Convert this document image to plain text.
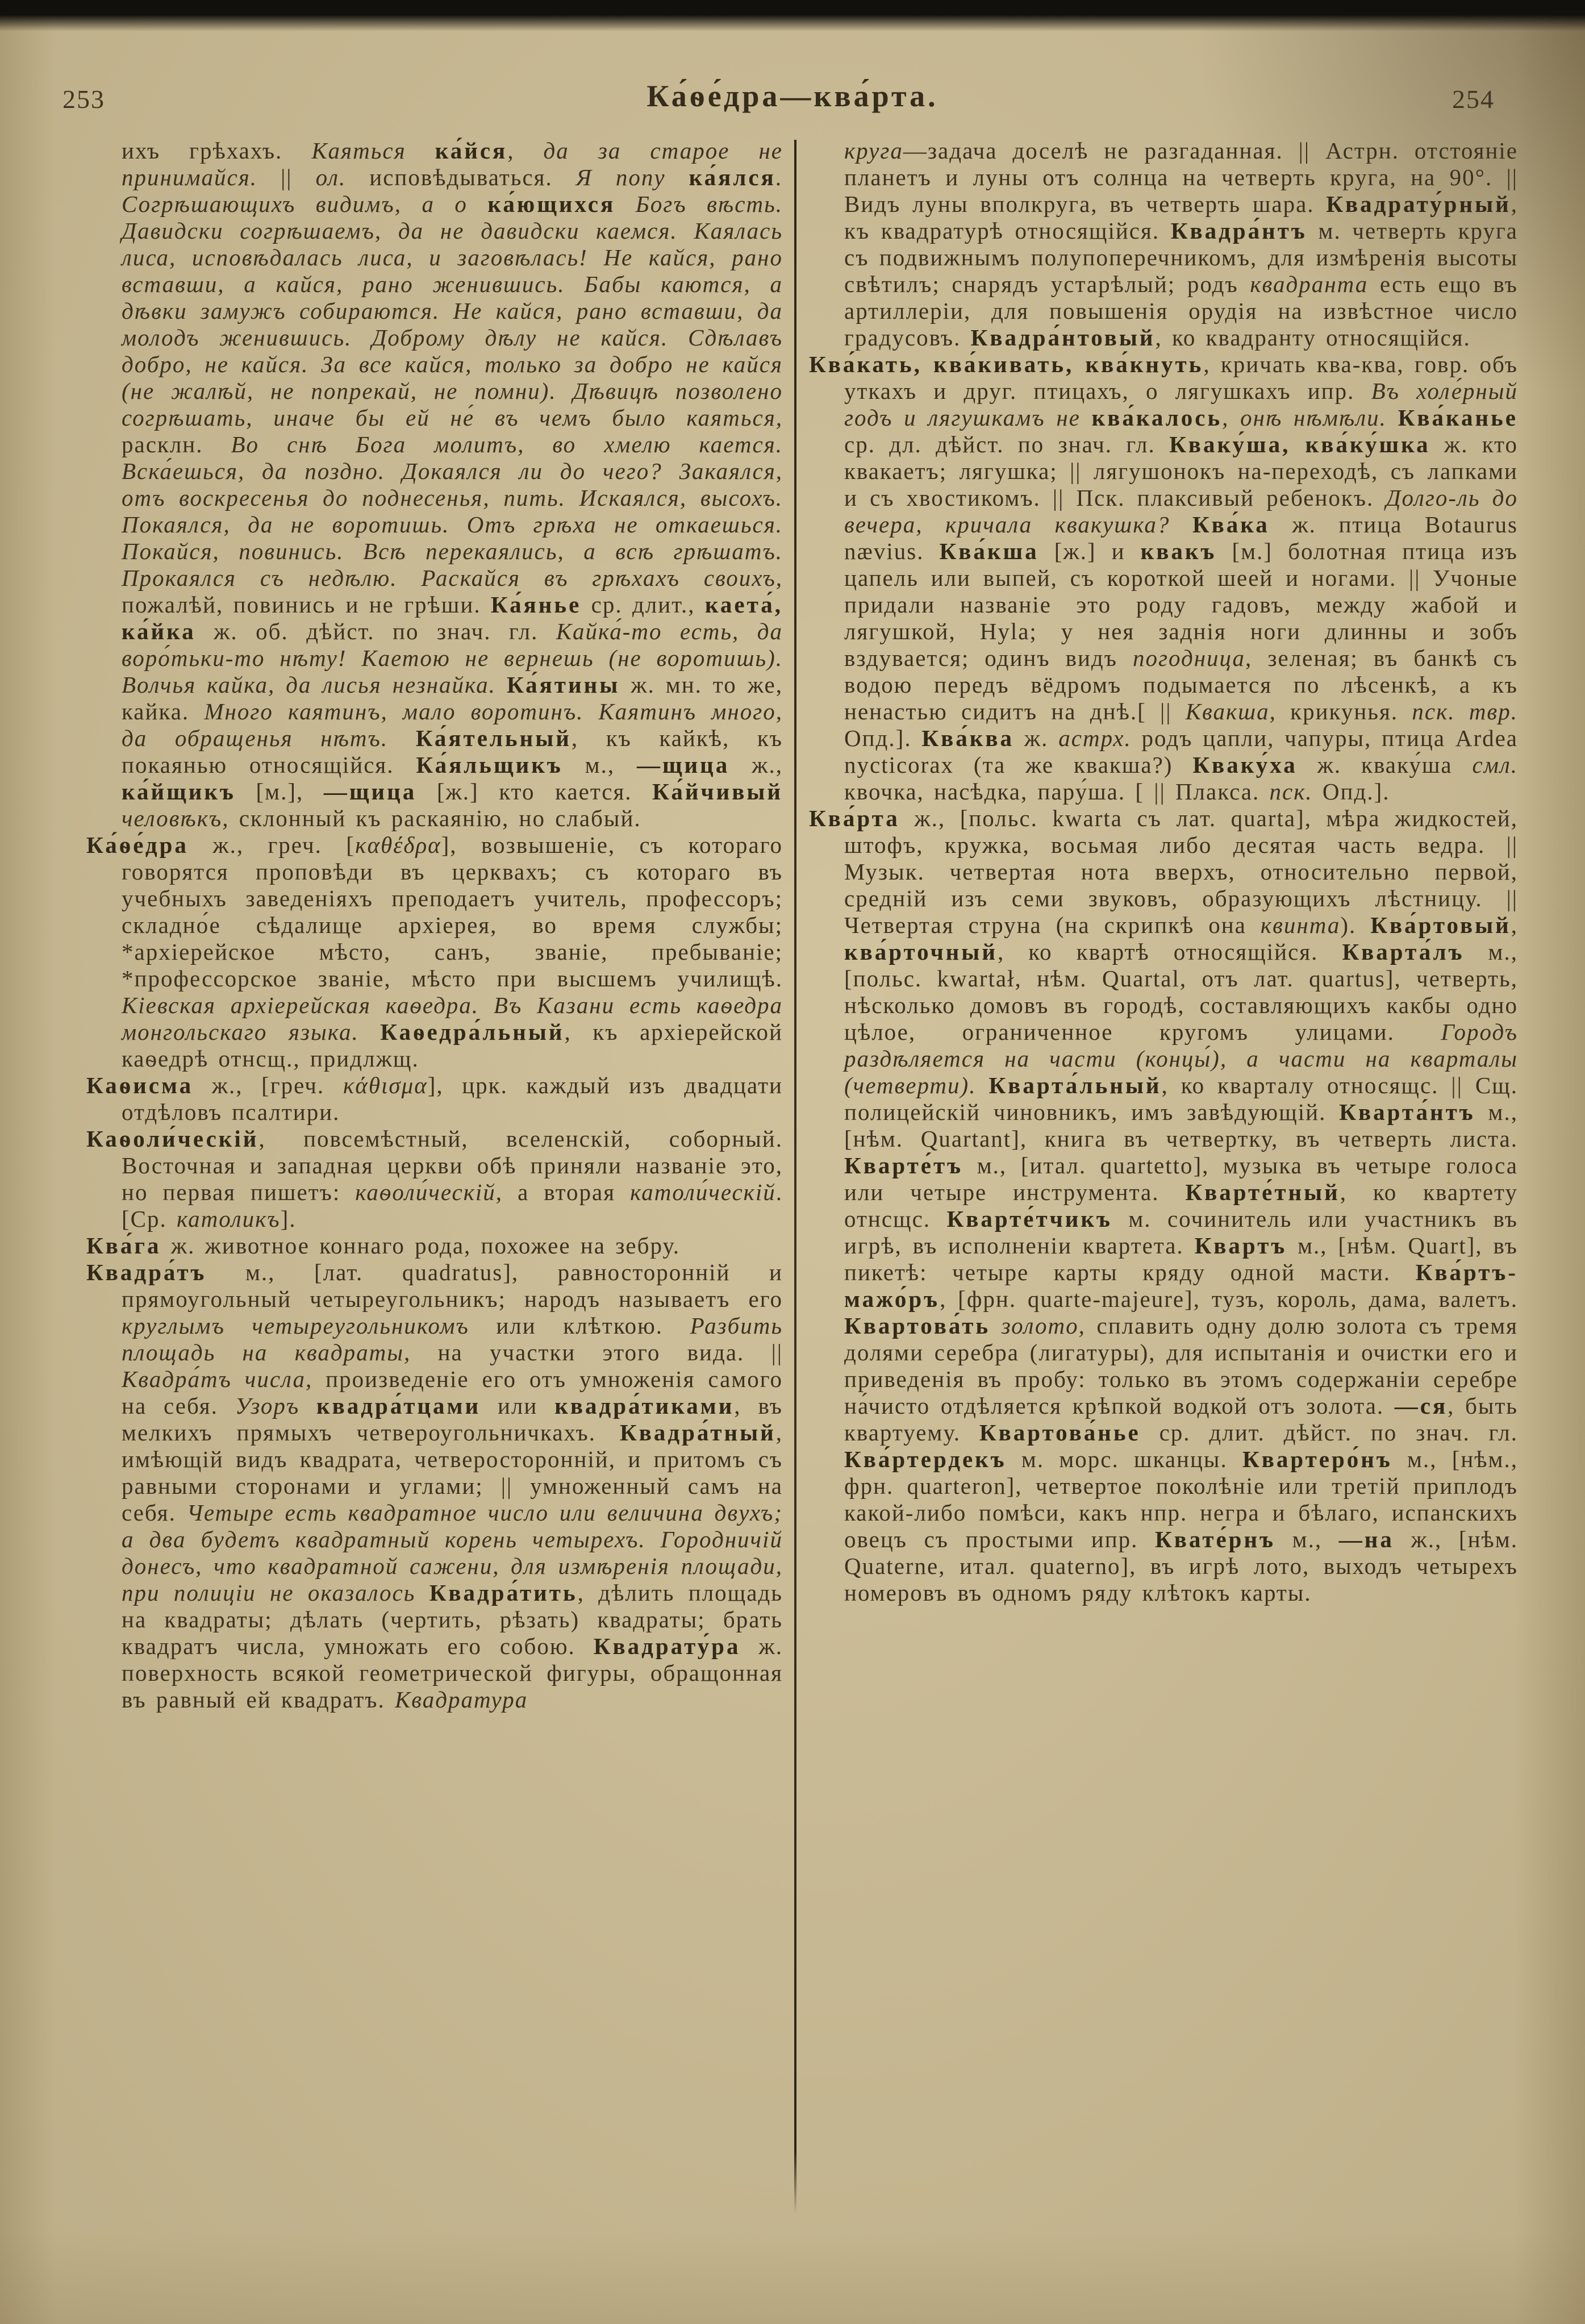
253	Ка́ѳе́дра—ква́рта.	254

ихъ грѣхахъ. Каяться ка́йся, да за старое не принимайся. || ол. исповѣдываться. Я попу ка́ялся. Согрѣшающихъ видимъ, а о ка́ющихся Богъ вѣсть. Давидски согрѣшаемъ, да не давидски каемся. Каялась лиса, исповѣдалась лиса, и заговѣлась! Не кайся, рано вставши, а кайся, рано женившись. Бабы каются, а дѣвки замужъ собираются. Не кайся, рано вставши, да молодъ женившись. Доброму дѣлу не кайся. Сдѣлавъ добро, не кайся. За все кайся, только за добро не кайся (не жалѣй, не попрекай, не помни). Дѣвицѣ позволено согрѣшать, иначе бы ей не́ въ чемъ было каяться, расклн. Во снѣ Бога молитъ, во хмелю кается. Вска́ешься, да поздно. Докаялся ли до чего? Закаялся, отъ воскресенья до поднесенья, пить. Искаялся, высохъ. Покаялся, да не воротишь. Отъ грѣха не откаешься. Покайся, повинись. Всѣ перекаялись, а всѣ грѣшатъ. Прокаялся съ недѣлю. Раскайся въ грѣхахъ своихъ, пожалѣй, повинись и не грѣши. Ка́янье ср. длит., каета́, ка́йка ж. об. дѣйст. по знач. гл. Кайка́-то есть, да воро́тьки-то нѣту! Каетою не вернешь (не воротишь). Волчья кайка, да лисья незнайка. Ка́ятины ж. мн. то же, кайка. Много каятинъ, мало воротинъ. Каятинъ много, да обращенья нѣтъ. Ка́ятельный, къ кайкѣ, къ покаянью относящійся. Ка́яльщикъ м., —щица ж., ка́йщикъ [м.], —щица [ж.] кто кается. Ка́йчивый человѣкъ, склонный къ раскаянію, но слабый.

Ка́ѳе́дра ж., греч. [καθέδρα], возвышеніе, съ котораго говорятся проповѣди въ церквахъ; съ котораго въ учебныхъ заведеніяхъ преподаетъ учитель, профессоръ; складно́е сѣдалище архіерея, во время службы; *архіерейское мѣсто, санъ, званіе, пребываніе; *профессорское званіе, мѣсто при высшемъ училищѣ. Кіевская архіерейская каѳедра. Въ Казани есть каѳедра монгольскаго языка. Каѳедра́льный, къ архіерейской каѳедрѣ отнсщ., придлжщ.

Каѳисма ж., [греч. κάθισμα], црк. каждый изъ двадцати отдѣловъ псалтири.

Каѳоли́ческій, повсемѣстный, вселенскій, соборный. Восточная и западная церкви обѣ приняли названіе это, но первая пишетъ: каѳоли́ческій, а вторая католи́ческій. [Ср. католикъ].

Ква́га ж. животное коннаго рода, похожее на зебру.

Квадра́тъ м., [лат. quadratus], равносторонній и прямоугольный четыреугольникъ; народъ называетъ его круглымъ четыреугольникомъ или клѣткою. Разбить площадь на квадраты, на участки этого вида. || Квадра́тъ числа, произведеніе его отъ умноженія самого на себя. Узоръ квадра́тцами или квадра́тиками, въ мелкихъ прямыхъ четвероугольничкахъ. Квадра́тный, имѣющій видъ квадрата, четверосторонній, и притомъ съ равными сторонами и углами; || умноженный самъ на себя. Четыре есть квадратное число или величина двухъ; а два будетъ квадратный корень четырехъ. Городничій донесъ, что квадратной сажени, для измѣренія площади, при полиціи не оказалось Квадра́тить, дѣлить площадь на квадраты; дѣлать (чертить, рѣзать) квадраты; брать квадратъ числа, умножать его собою. Квадрату́ра ж. поверхность всякой геометрической фигуры, обращонная въ равный ей квадратъ. Квадратура

круга—задача доселѣ не разгаданная. || Астрн. отстояніе планетъ и луны отъ солнца на четверть круга, на 90°. || Видъ луны вполкруга, въ четверть шара. Квадрату́рный, къ квадратурѣ относящійся. Квадра́нтъ м. четверть круга съ подвижнымъ полупоперечникомъ, для измѣренія высоты свѣтилъ; снарядъ устарѣлый; родъ квадранта есть ещо въ артиллеріи, для повышенія орудія на извѣстное число градусовъ. Квадра́нтовый, ко квадранту относящійся.

Ква́кать, ква́кивать, ква́кнуть, кричать ква-ква, говр. объ уткахъ и друг. птицахъ, о лягушкахъ ипр. Въ холе́рный годъ и лягушкамъ не ква́калось, онѣ нѣмѣли. Ква́канье ср. дл. дѣйст. по знач. гл. Кваку́ша, ква́ку́шка ж. кто квакаетъ; лягушка; || лягушонокъ на-переходѣ, съ лапками и съ хвостикомъ. || Пск. плаксивый ребенокъ. Долго-ль до вечера, кричала квакушка? Ква́ка ж. птица Botaurus nævius. Ква́кша [ж.] и квакъ [м.] болотная птица изъ цапель или выпей, съ короткой шеей и ногами. || Учоные придали названіе это роду гадовъ, между жабой и лягушкой, Hyla; у нея заднія ноги длинны и зобъ вздувается; одинъ видъ погодница, зеленая; въ банкѣ съ водою передъ вёдромъ подымается по лѣсенкѣ, а къ ненастью сидитъ на днѣ.[ || Квакша, крикунья. пск. твр. Опд.]. Ква́ква ж. астрх. родъ цапли, чапуры, птица Ardea nycticorax (та же квакша?) Кваку́ха ж. кваку́ша смл. квочка, насѣдка, пару́ша. [ || Плакса. пск. Опд.].

Ква́рта ж., [польс. kwarta съ лат. quarta], мѣра жидкостей, штофъ, кружка, восьмая либо десятая часть ведра. || Музык. четвертая нота вверхъ, относительно первой, средній изъ семи звуковъ, образующихъ лѣстницу. || Четвертая струна (на скрипкѣ она квинта). Ква́ртовый, ква́рточный, ко квартѣ относящійся. Кварта́лъ м., [польс. kwartał, нѣм. Quartal, отъ лат. quartus], четверть, нѣсколько домовъ въ городѣ, составляющихъ какбы одно цѣлое, ограниченное кругомъ улицами. Городъ раздѣляется на части (концы́), а части на кварталы (четверти). Кварта́льный, ко кварталу относящс. || Сщ. полицейскій чиновникъ, имъ завѣдующій. Кварта́нтъ м., [нѣм. Quartant], книга въ четвертку, въ четверть листа. Кварте́тъ м., [итал. quartetto], музыка въ четыре голоса или четыре инструмента. Кварте́тный, ко квартету отнсщс. Кварте́тчикъ м. сочинитель или участникъ въ игрѣ, въ исполненіи квартета. Квартъ м., [нѣм. Quart], въ пикетѣ: четыре карты кряду одной масти. Ква́ртъ-мажо́ръ, [фрн. quarte-majeure], тузъ, король, дама, валетъ. Квартова́ть золото, сплавить одну долю золота съ тремя долями серебра (лигатуры), для испытанія и очистки его и приведенія въ пробу: только въ этомъ содержаніи серебре на́чисто отдѣляется крѣпкой водкой отъ золота. —ся, быть квартуему. Квартова́нье ср. длит. дѣйст. по знач. гл. Ква́ртердекъ м. морс. шканцы. Квартеро́нъ м., [нѣм., фрн. quarteron], четвертое поколѣніе или третій приплодъ какой-либо помѣси, какъ нпр. негра и бѣлаго, испанскихъ овецъ съ простыми ипр. Квате́рнъ м., —на ж., [нѣм. Quaterne, итал. quaterno], въ игрѣ лото, выходъ четырехъ номеровъ въ одномъ ряду клѣтокъ карты.
